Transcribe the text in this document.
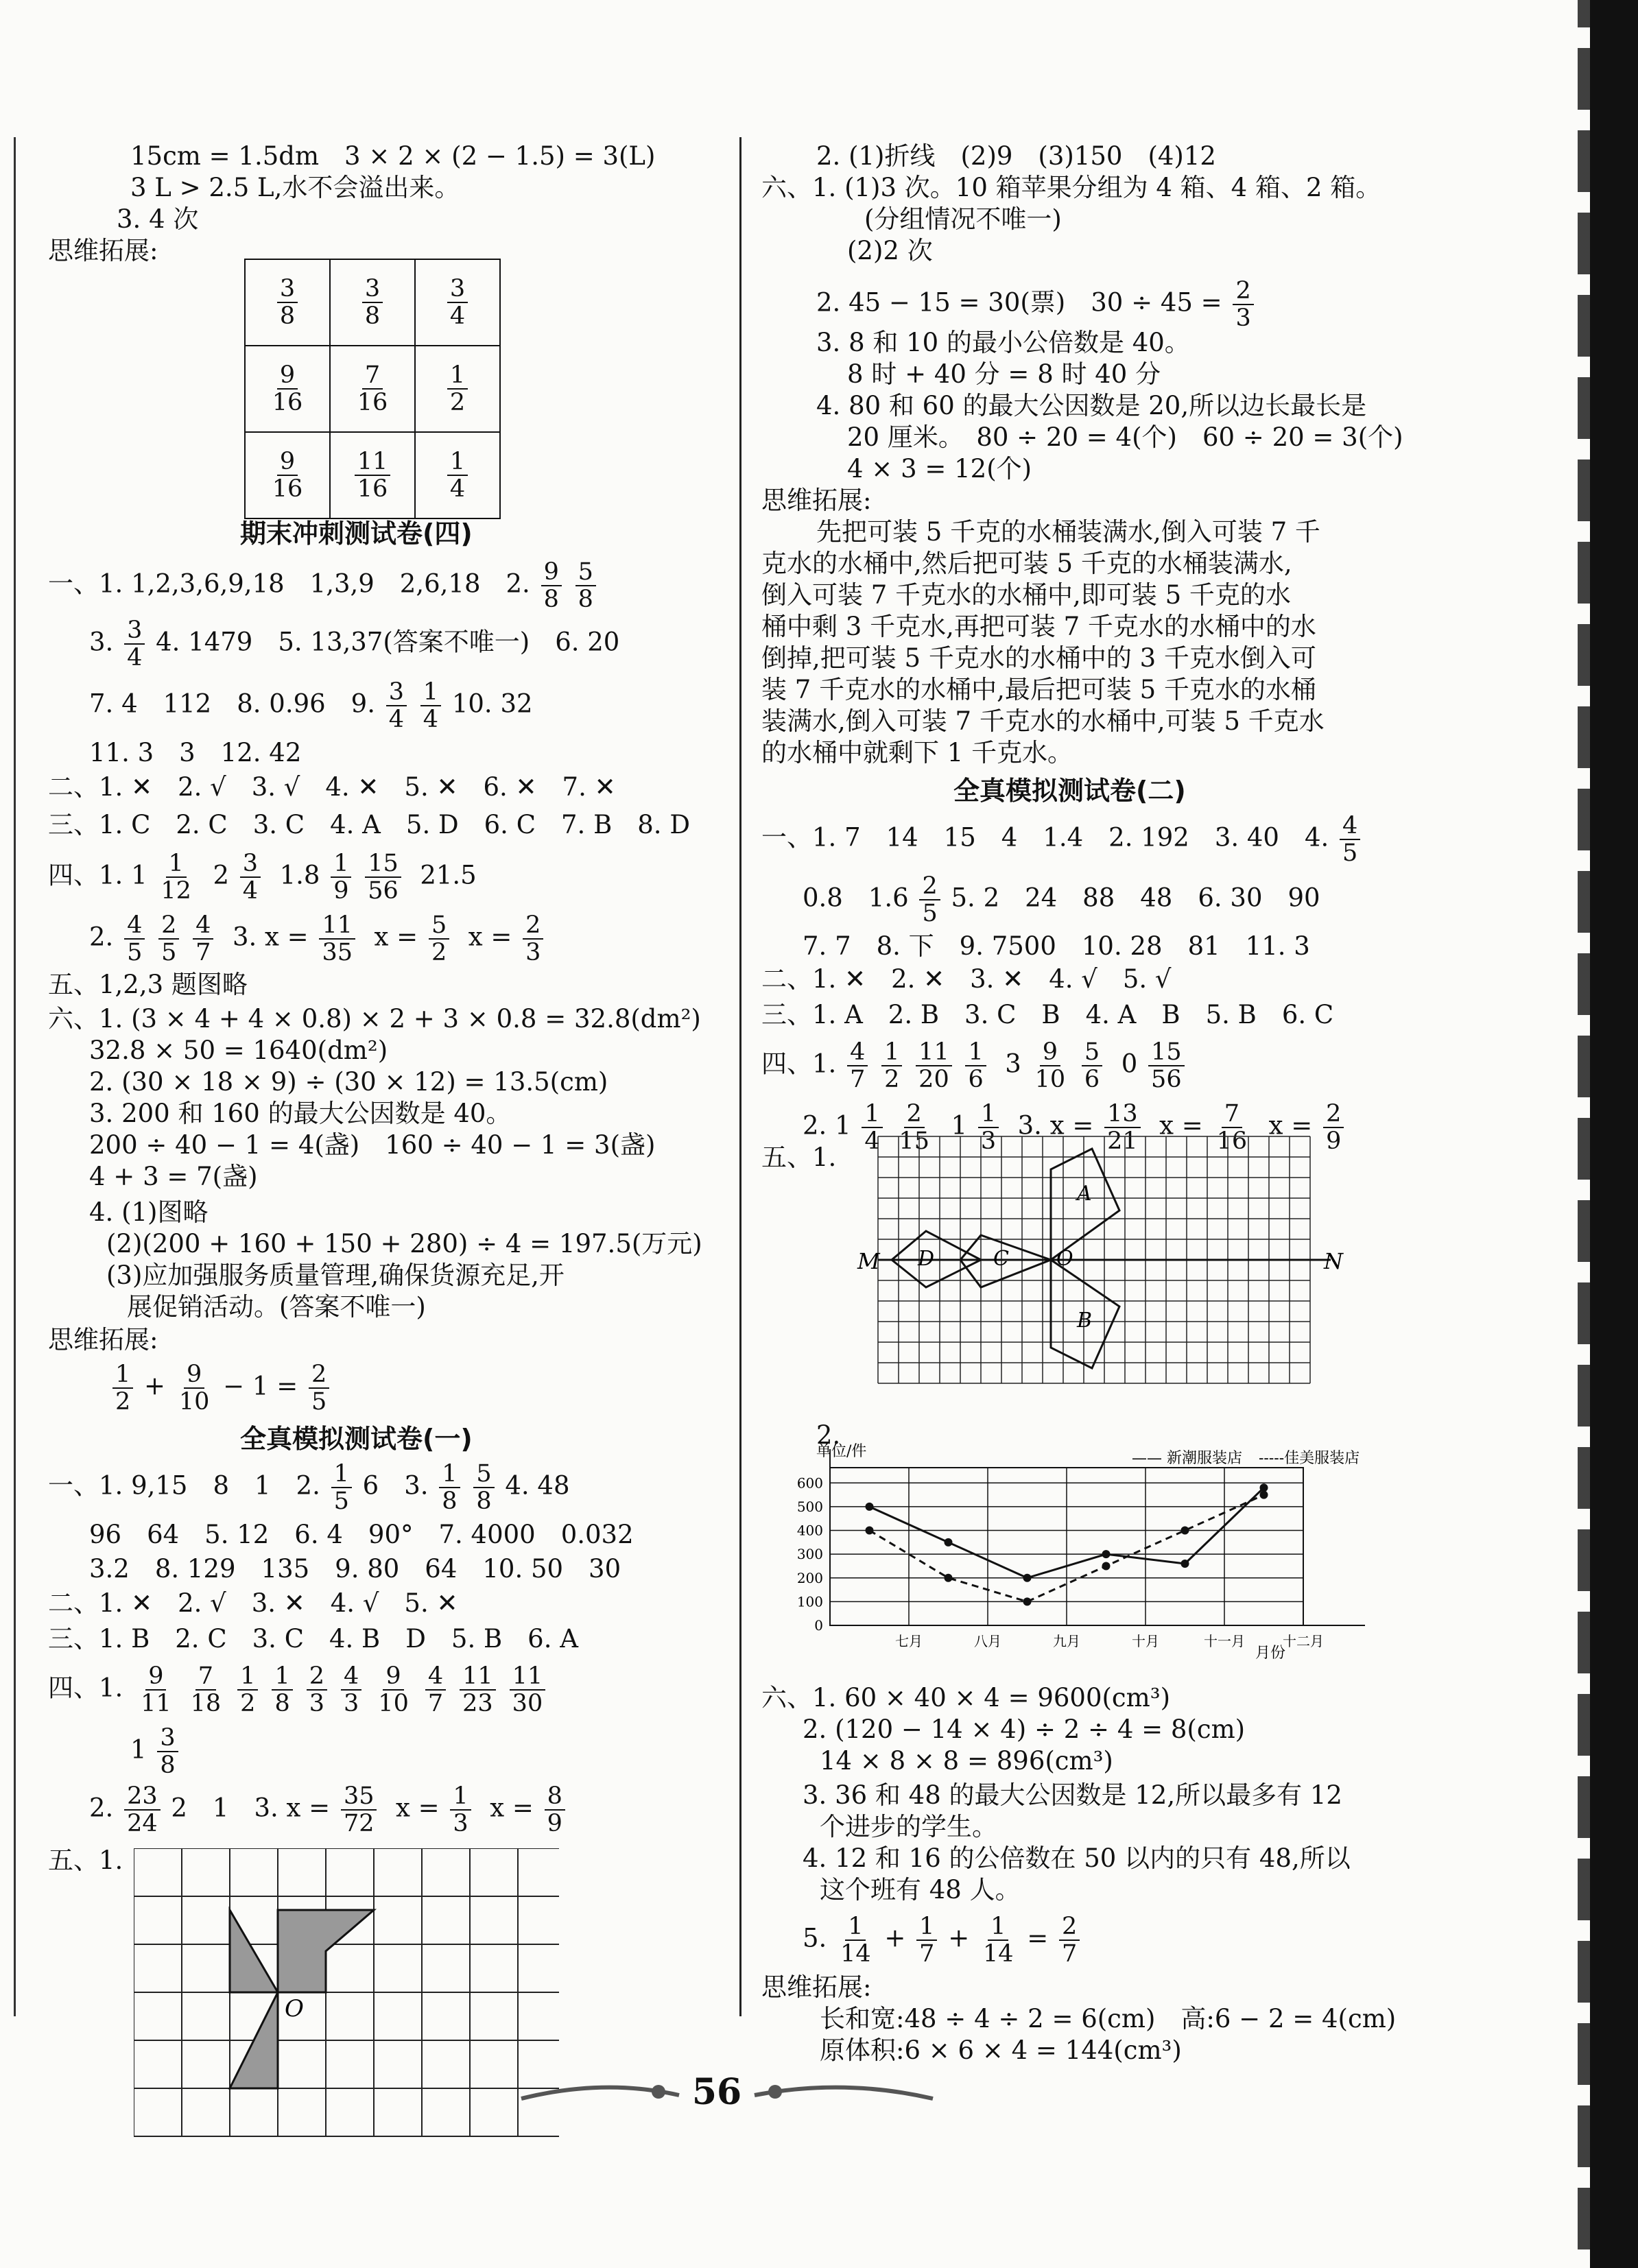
15cm = 1.5dm　3 × 2 × (2 − 1.5) = 3(L)
3 L > 2.5 L,水不会溢出来。
3. 4 次
思维拓展:
$\frac{3}{8}$	$\frac{3}{8}$	$\frac{3}{4}$

$\frac{9}{16}$	$\frac{7}{16}$	$\frac{1}{2}$

$\frac{9}{16}$	$\frac{11}{16}$	$\frac{1}{4}$
期末冲刺测试卷(四)
一、1. 1,2,3,6,9,18　1,3,9　2,6,18　2. $\frac{9}{8}$
$\frac{5}{8}$
3. $\frac{3}{4} 4$. 1479　5. 13,37(答案不唯一)　6. 20
7. 4　112　8. 0.96　9. $\frac{3}{4}$
$\frac{1}{4} 10$. 32
11. 3　3　12. 42
二、1. ✕　2. √　3. √　4. ✕　5. ✕　6. ✕　7. ✕
三、1. C　2. C　3. C　4. A　5. D　6. C　7. B　8. D
四、1. $1 \frac{1}{12} 2 \frac{3}{4} 1.8 \frac{1}{9}$
$\frac{15}{56} 21.5$
2. $\frac{4}{5}$
$\frac{2}{5}$
$\frac{4}{7} 3$. $x = \frac{11}{35}$ $x = \frac{5}{2}$ $x = \frac{2}{3}$
五、1,2,3 题图略
六、1. (3 × 4 + 4 × 0.8) × 2 + 3 × 0.8 = 32.8(dm²)
32.8 × 50 = 1640(dm²)
2. (30 × 18 × 9) ÷ (30 × 12) = 13.5(cm)
3. 200 和 160 的最大公因数是 40。
200 ÷ 40 − 1 = 4(盏)　160 ÷ 40 − 1 = 3(盏)
4 + 3 = 7(盏)
4. (1)图略
(2)(200 + 160 + 150 + 280) ÷ 4 = 197.5(万元)
(3)应加强服务质量管理,确保货源充足,开
展促销活动。(答案不唯一)
思维拓展:
$\frac{1}{2} + \frac{9}{10} - 1 = \frac{2}{5}$
全真模拟测试卷(一)
一、1. 9,15　8　1　2. $\frac{1}{5} 6$　3. $\frac{1}{8}$
$\frac{5}{8} 4$. 48
96　64　5. 12　6. 4　90°　7. 4000　0.032
3.2　8. 129　135　9. 80　64　10. 50　30
二、1. ✕　2. √　3. ✕　4. √　5. ✕
三、1. B　2. C　3. C　4. B　D　5. B　6. A
四、1. $\frac{9}{11} \frac{7}{18} \frac{1}{2} \frac{1}{8} \frac{2}{3} \frac{4}{3} \frac{9}{10} \frac{4}{7} \frac{11}{23} \frac{11}{30}$
$1 \frac{3}{8}$
2. $\frac{23}{24} 2$　1　3. $x = \frac{35}{72}$ $x = \frac{1}{3}$ $x = \frac{8}{9}$
五、1.
O
2. (1)折线　(2)9　(3)150　(4)12
六、1. (1)3 次。10 箱苹果分组为 4 箱、4 箱、2 箱。
(分组情况不唯一)
(2)2 次
2. 45 − 15 = 30(票)　$30 \div 45 = \frac{2}{3}$
3. 8 和 10 的最小公倍数是 40。
8 时 + 40 分 = 8 时 40 分
4. 80 和 60 的最大公因数是 20,所以边长最长是
20 厘米。　80 ÷ 20 = 4(个)　60 ÷ 20 = 3(个)
4 × 3 = 12(个)
思维拓展:
先把可装 5 千克的水桶装满水,倒入可装 7 千
克水的水桶中,然后把可装 5 千克的水桶装满水,
倒入可装 7 千克水的水桶中,即可装 5 千克的水
桶中剩 3 千克水,再把可装 7 千克水的水桶中的水
倒掉,把可装 5 千克水的水桶中的 3 千克水倒入可
装 7 千克水的水桶中,最后把可装 5 千克水的水桶
装满水,倒入可装 7 千克水的水桶中,可装 5 千克水
的水桶中就剩下 1 千克水。
全真模拟测试卷(二)
一、1. 7　14　15　4　1.4　2. 192　3. 40　4. $\frac{4}{5}$
0.8　$1.6 \frac{2}{5} 5$. 2　24　88　48　6. 30　90
7. 7　8. 下　9. 7500　10. 28　81　11. 3
二、1. ✕　2. ✕　3. ✕　4. √　5. √
三、1. A　2. B　3. C　B　4. A　B　5. B　6. C
四、1. $\frac{4}{7}$
$\frac{1}{2}$
$\frac{11}{20}$
$\frac{1}{6} 3 \frac{9}{10}$
$\frac{5}{6} 0 \frac{15}{56}$
2. $1 \frac{1}{4}$
$\frac{2}{15} 1 \frac{1}{3} 3$. $x = \frac{13}{21}$ $x = \frac{7}{16}$ $x = \frac{2}{9}$
五、1.
A
B
C
D	O
M	N
2.
单位/件
月份
—— 新潮服装店 -----佳美服装店
0
100
200
300
400
500
600
七月	八月	九月	十月	十一月	十二月
六、1. 60 × 40 × 4 = 9600(cm³)
2. (120 − 14 × 4) ÷ 2 ÷ 4 = 8(cm)
14 × 8 × 8 = 896(cm³)
3. 36 和 48 的最大公因数是 12,所以最多有 12
个进步的学生。
4. 12 和 16 的公倍数在 50 以内的只有 48,所以
这个班有 48 人。
5. $\frac{1}{14} + \frac{1}{7} + \frac{1}{14} = \frac{2}{7}$
思维拓展:
长和宽:48 ÷ 4 ÷ 2 = 6(cm)　高:6 − 2 = 4(cm)
原体积:6 × 6 × 4 = 144(cm³)
56
